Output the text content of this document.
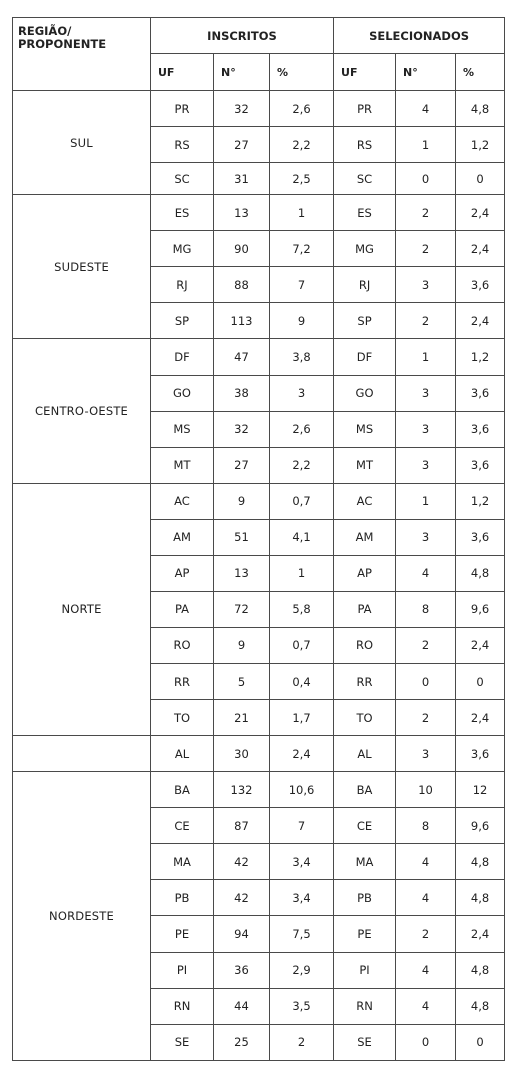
REGIÃO/
PROPONENTE	INSCRITOS			SELECIONADOS		
	UF	N°	%	UF	N°	%
SUL	PR	32	2,6	PR	4	4,8
	RS	27	2,2	RS	1	1,2
	SC	31	2,5	SC	0	0
SUDESTE	ES	13	1	ES	2	2,4
	MG	90	7,2	MG	2	2,4
	RJ	88	7	RJ	3	3,6
	SP	113	9	SP	2	2,4
CENTRO-OESTE	DF	47	3,8	DF	1	1,2
	GO	38	3	GO	3	3,6
	MS	32	2,6	MS	3	3,6
	MT	27	2,2	MT	3	3,6
NORTE	AC	9	0,7	AC	1	1,2
	AM	51	4,1	AM	3	3,6
	AP	13	1	AP	4	4,8
	PA	72	5,8	PA	8	9,6
	RO	9	0,7	RO	2	2,4
	RR	5	0,4	RR	0	0
	TO	21	1,7	TO	2	2,4
	AL	30	2,4	AL	3	3,6
NORDESTE	BA	132	10,6	BA	10	12
	CE	87	7	CE	8	9,6
	MA	42	3,4	MA	4	4,8
	PB	42	3,4	PB	4	4,8
	PE	94	7,5	PE	2	2,4
	PI	36	2,9	PI	4	4,8
	RN	44	3,5	RN	4	4,8
	SE	25	2	SE	0	0
